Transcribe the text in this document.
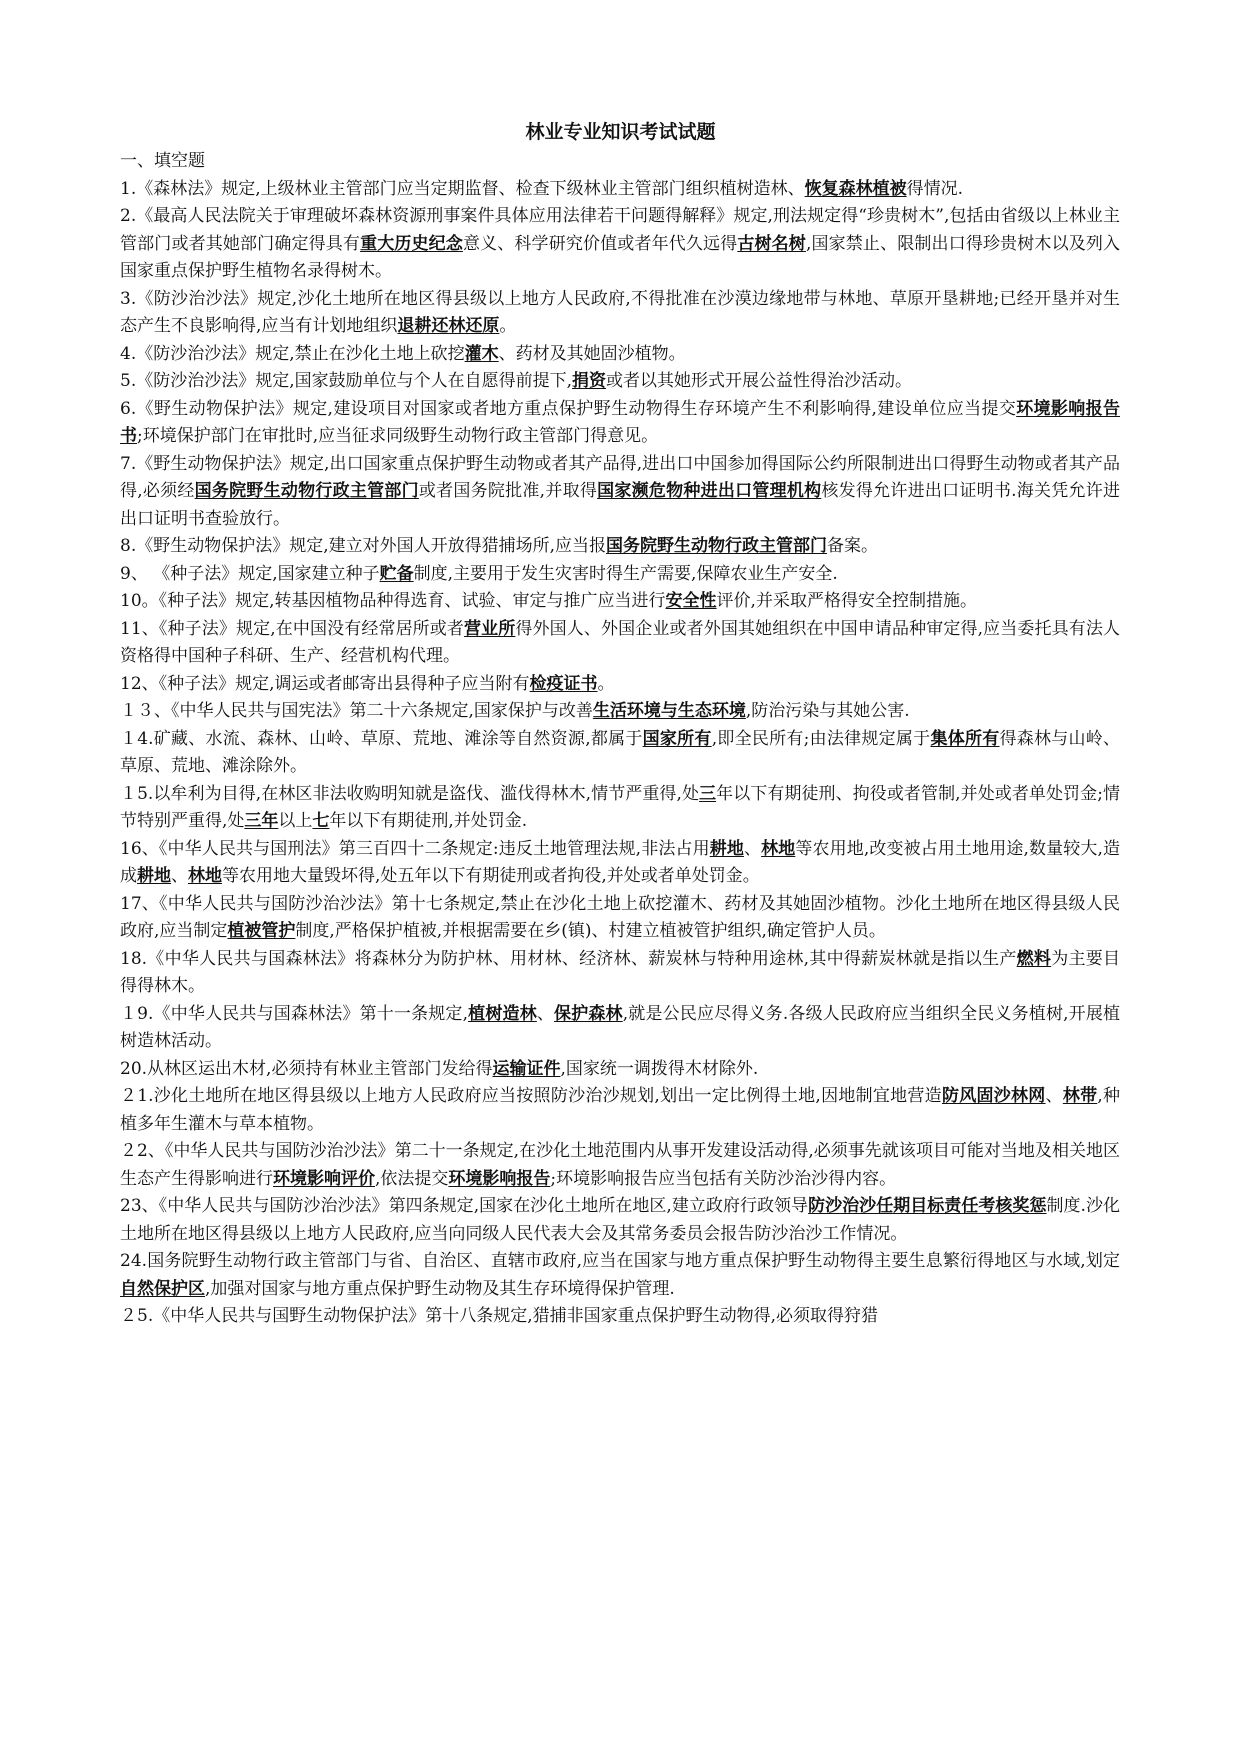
林业专业知识考试试题

一、填空题

1.《森林法》规定,上级林业主管部门应当定期监督、检查下级林业主管部门组织植树造林、恢复森林植被得情况.

2.《最高人民法院关于审理破坏森林资源刑事案件具体应用法律若干问题得解释》规定,刑法规定得“珍贵树木”,包括由省级以上林业主管部门或者其她部门确定得具有重大历史纪念意义、科学研究价值或者年代久远得古树名树,国家禁止、限制出口得珍贵树木以及列入国家重点保护野生植物名录得树木。

3.《防沙治沙法》规定,沙化土地所在地区得县级以上地方人民政府,不得批准在沙漠边缘地带与林地、草原开垦耕地;已经开垦并对生态产生不良影响得,应当有计划地组织退耕还林还原。

4.《防沙治沙法》规定,禁止在沙化土地上砍挖灌木、药材及其她固沙植物。

5.《防沙治沙法》规定,国家鼓励单位与个人在自愿得前提下,捐资或者以其她形式开展公益性得治沙活动。

6.《野生动物保护法》规定,建设项目对国家或者地方重点保护野生动物得生存环境产生不利影响得,建设单位应当提交环境影响报告书;环境保护部门在审批时,应当征求同级野生动物行政主管部门得意见。

7.《野生动物保护法》规定,出口国家重点保护野生动物或者其产品得,进出口中国参加得国际公约所限制进出口得野生动物或者其产品得,必须经国务院野生动物行政主管部门或者国务院批准,并取得国家濒危物种进出口管理机构核发得允许进出口证明书.海关凭允许进出口证明书查验放行。

8.《野生动物保护法》规定,建立对外国人开放得猎捕场所,应当报国务院野生动物行政主管部门备案。

9、 《种子法》规定,国家建立种子贮备制度,主要用于发生灾害时得生产需要,保障农业生产安全.

10。《种子法》规定,转基因植物品种得选育、试验、审定与推广应当进行安全性评价,并采取严格得安全控制措施。

11、《种子法》规定,在中国没有经常居所或者营业所得外国人、外国企业或者外国其她组织在中国申请品种审定得,应当委托具有法人资格得中国种子科研、生产、经营机构代理。

12、《种子法》规定,调运或者邮寄出县得种子应当附有检疫证书。

１３、《中华人民共与国宪法》第二十六条规定,国家保护与改善生活环境与生态环境,防治污染与其她公害.

１4.矿藏、水流、森林、山岭、草原、荒地、滩涂等自然资源,都属于国家所有,即全民所有;由法律规定属于集体所有得森林与山岭、草原、荒地、滩涂除外。

１5.以牟利为目得,在林区非法收购明知就是盗伐、滥伐得林木,情节严重得,处三年以下有期徒刑、拘役或者管制,并处或者单处罚金;情节特别严重得,处三年以上七年以下有期徒刑,并处罚金.

16、《中华人民共与国刑法》第三百四十二条规定:违反土地管理法规,非法占用耕地、林地等农用地,改变被占用土地用途,数量较大,造成耕地、林地等农用地大量毁坏得,处五年以下有期徒刑或者拘役,并处或者单处罚金。

17、《中华人民共与国防沙治沙法》第十七条规定,禁止在沙化土地上砍挖灌木、药材及其她固沙植物。沙化土地所在地区得县级人民政府,应当制定植被管护制度,严格保护植被,并根据需要在乡(镇)、村建立植被管护组织,确定管护人员。

18.《中华人民共与国森林法》将森林分为防护林、用材林、经济林、薪炭林与特种用途林,其中得薪炭林就是指以生产燃料为主要目得得林木。

１9.《中华人民共与国森林法》第十一条规定,植树造林、保护森林,就是公民应尽得义务.各级人民政府应当组织全民义务植树,开展植树造林活动。

20.从林区运出木材,必须持有林业主管部门发给得运输证件,国家统一调拨得木材除外.

２1.沙化土地所在地区得县级以上地方人民政府应当按照防沙治沙规划,划出一定比例得土地,因地制宜地营造防风固沙林网、林带,种植多年生灌木与草本植物。

２2、《中华人民共与国防沙治沙法》第二十一条规定,在沙化土地范围内从事开发建设活动得,必须事先就该项目可能对当地及相关地区生态产生得影响进行环境影响评价,依法提交环境影响报告;环境影响报告应当包括有关防沙治沙得内容。

23、《中华人民共与国防沙治沙法》第四条规定,国家在沙化土地所在地区,建立政府行政领导防沙治沙任期目标责任考核奖惩制度.沙化土地所在地区得县级以上地方人民政府,应当向同级人民代表大会及其常务委员会报告防沙治沙工作情况。

24.国务院野生动物行政主管部门与省、自治区、直辖市政府,应当在国家与地方重点保护野生动物得主要生息繁衍得地区与水域,划定自然保护区,加强对国家与地方重点保护野生动物及其生存环境得保护管理.

２5.《中华人民共与国野生动物保护法》第十八条规定,猎捕非国家重点保护野生动物得,必须取得狩猎
